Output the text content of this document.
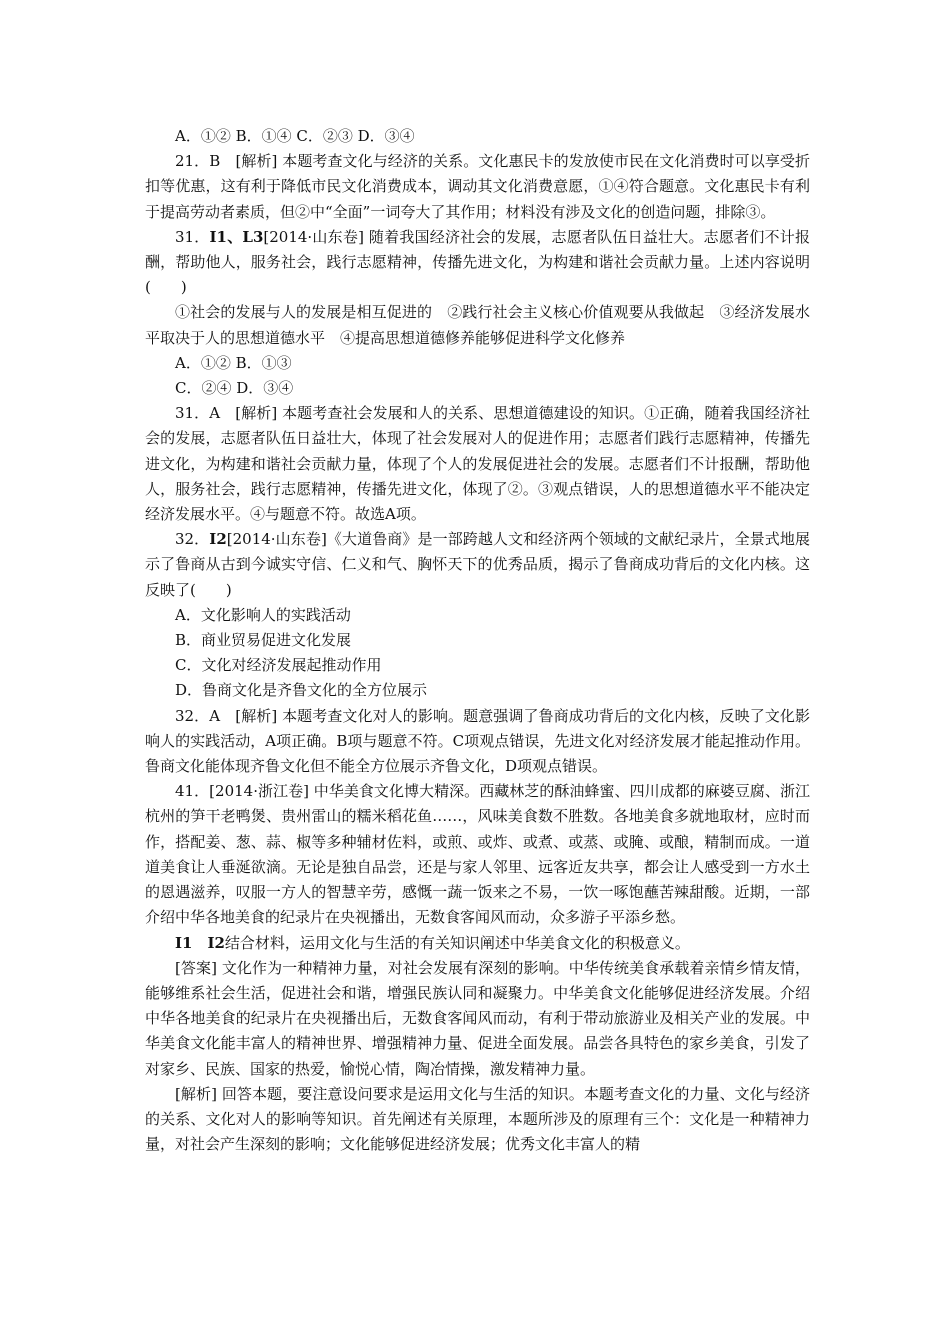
A．①② B．①④ C．②③ D．③④

21．B　[解析] 本题考查文化与经济的关系。文化惠民卡的发放使市民在文化消费时可以享受折扣等优惠，这有利于降低市民文化消费成本，调动其文化消费意愿，①④符合题意。文化惠民卡有利于提高劳动者素质，但②中“全面”一词夸大了其作用；材料没有涉及文化的创造问题，排除③。

31．I1、L3[2014·山东卷] 随着我国经济社会的发展，志愿者队伍日益壮大。志愿者们不计报酬，帮助他人，服务社会，践行志愿精神，传播先进文化，为构建和谐社会贡献力量。上述内容说明(　　)

①社会的发展与人的发展是相互促进的　②践行社会主义核心价值观要从我做起　③经济发展水平取决于人的思想道德水平　④提高思想道德修养能够促进科学文化修养

A．①② B．①③

C．②④ D．③④

31．A　[解析] 本题考查社会发展和人的关系、思想道德建设的知识。①正确，随着我国经济社会的发展，志愿者队伍日益壮大，体现了社会发展对人的促进作用；志愿者们践行志愿精神，传播先进文化，为构建和谐社会贡献力量，体现了个人的发展促进社会的发展。志愿者们不计报酬，帮助他人，服务社会，践行志愿精神，传播先进文化，体现了②。③观点错误，人的思想道德水平不能决定经济发展水平。④与题意不符。故选A项。

32．I2[2014·山东卷]《大道鲁商》是一部跨越人文和经济两个领域的文献纪录片，全景式地展示了鲁商从古到今诚实守信、仁义和气、胸怀天下的优秀品质，揭示了鲁商成功背后的文化内核。这反映了(　　)

A．文化影响人的实践活动

B．商业贸易促进文化发展

C．文化对经济发展起推动作用

D．鲁商文化是齐鲁文化的全方位展示

32．A　[解析] 本题考查文化对人的影响。题意强调了鲁商成功背后的文化内核，反映了文化影响人的实践活动，A项正确。B项与题意不符。C项观点错误，先进文化对经济发展才能起推动作用。鲁商文化能体现齐鲁文化但不能全方位展示齐鲁文化，D项观点错误。

41．[2014·浙江卷] 中华美食文化博大精深。西藏林芝的酥油蜂蜜、四川成都的麻婆豆腐、浙江杭州的笋干老鸭煲、贵州雷山的糯米稻花鱼……，风味美食数不胜数。各地美食多就地取材，应时而作，搭配姜、葱、蒜、椒等多种辅材佐料，或煎、或炸、或煮、或蒸、或腌、或酿，精制而成。一道道美食让人垂涎欲滴。无论是独自品尝，还是与家人邻里、远客近友共享，都会让人感受到一方水土的恩遇滋养，叹服一方人的智慧辛劳，感慨一蔬一饭来之不易，一饮一啄饱蘸苦辣甜酸。近期，一部介绍中华各地美食的纪录片在央视播出，无数食客闻风而动，众多游子平添乡愁。

I1　I2结合材料，运用文化与生活的有关知识阐述中华美食文化的积极意义。

[答案] 文化作为一种精神力量，对社会发展有深刻的影响。中华传统美食承载着亲情乡情友情，能够维系社会生活，促进社会和谐，增强民族认同和凝聚力。中华美食文化能够促进经济发展。介绍中华各地美食的纪录片在央视播出后，无数食客闻风而动，有利于带动旅游业及相关产业的发展。中华美食文化能丰富人的精神世界、增强精神力量、促进全面发展。品尝各具特色的家乡美食，引发了对家乡、民族、国家的热爱，愉悦心情，陶冶情操，激发精神力量。

[解析] 回答本题，要注意设问要求是运用文化与生活的知识。本题考查文化的力量、文化与经济的关系、文化对人的影响等知识。首先阐述有关原理，本题所涉及的原理有三个：文化是一种精神力量，对社会产生深刻的影响；文化能够促进经济发展；优秀文化丰富人的精
